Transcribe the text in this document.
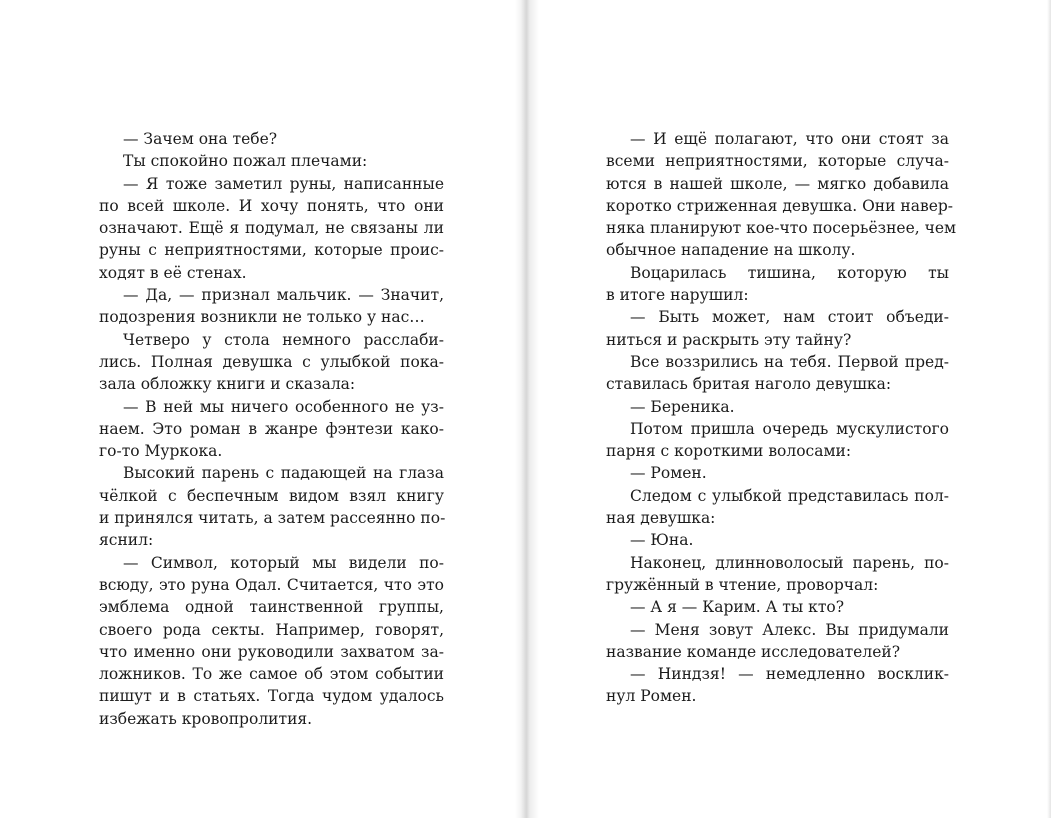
— Зачем она тебе?
Ты спокойно пожал плечами:
— Я тоже заметил руны, написанные
по всей школе. И хочу понять, что они
означают. Ещё я подумал, не связаны ли
руны с неприятностями, которые проис-
ходят в её стенах.
— Да, — признал мальчик. — Значит,
подозрения возникли не только у нас…
Четверо у стола немного расслаби-
лись. Полная девушка с улыбкой пока-
зала обложку книги и сказала:
— В ней мы ничего особенного не уз-
наем. Это роман в жанре фэнтези како-
го-то Муркока.
Высокий парень с падающей на глаза
чёлкой с беспечным видом взял книгу
и принялся читать, а затем рассеянно по-
яснил:
— Символ, который мы видели по-
всюду, это руна Одал. Считается, что это
эмблема одной таинственной группы,
своего рода секты. Например, говорят,
что именно они руководили захватом за-
ложников. То же самое об этом событии
пишут и в статьях. Тогда чудом удалось
избежать кровопролития.
— И ещё полагают, что они стоят за
всеми неприятностями, которые случа-
ются в нашей школе, — мягко добавила
коротко стриженная девушка. Они навер-
няка планируют кое-что посерьёзнее, чем
обычное нападение на школу.
Воцарилась тишина, которую ты
в итоге нарушил:
— Быть может, нам стоит объеди-
ниться и раскрыть эту тайну?
Все воззрились на тебя. Первой пред-
ставилась бритая наголо девушка:
— Береника.
Потом пришла очередь мускулистого
парня с короткими волосами:
— Ромен.
Следом с улыбкой представилась пол-
ная девушка:
— Юна.
Наконец, длинноволосый парень, по-
гружённый в чтение, проворчал:
— А я — Карим. А ты кто?
— Меня зовут Алекс. Вы придумали
название команде исследователей?
— Ниндзя! — немедленно восклик-
нул Ромен.
